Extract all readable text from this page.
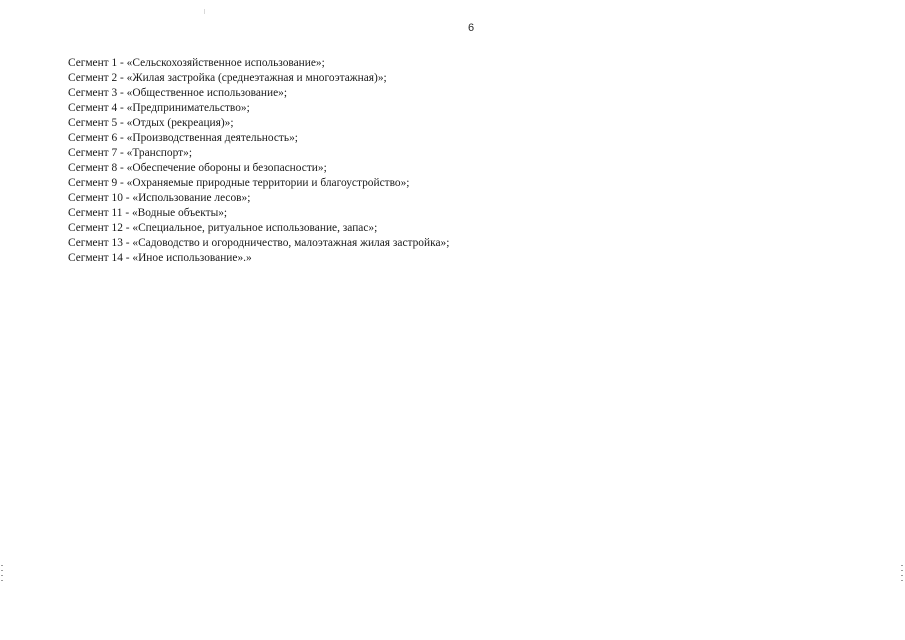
6
Сегмент 1 - «Сельскохозяйственное использование»;
Сегмент 2 - «Жилая застройка (среднеэтажная и многоэтажная)»;
Сегмент 3 - «Общественное использование»;
Сегмент 4 - «Предпринимательство»;
Сегмент 5 - «Отдых (рекреация)»;
Сегмент 6 - «Производственная деятельность»;
Сегмент 7 - «Транспорт»;
Сегмент 8 - «Обеспечение обороны и безопасности»;
Сегмент 9 - «Охраняемые природные территории и благоустройство»;
Сегмент 10 - «Использование лесов»;
Сегмент 11 - «Водные объекты»;
Сегмент 12 - «Специальное, ритуальное использование, запас»;
Сегмент 13 - «Садоводство и огородничество, малоэтажная жилая застройка»;
Сегмент 14 - «Иное использование».»
